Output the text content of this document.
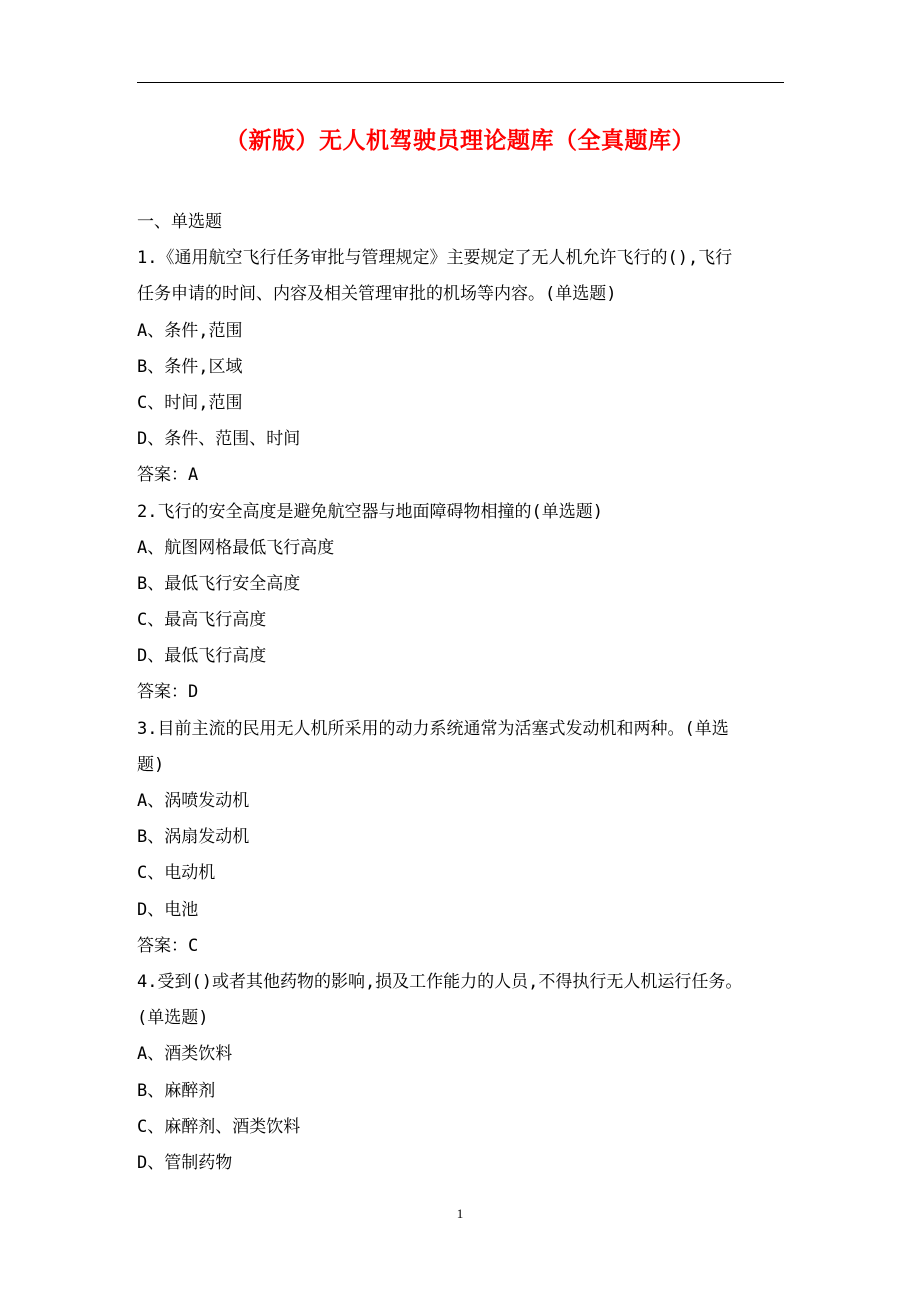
（新版）无人机驾驶员理论题库（全真题库）
一、单选题
1.《通用航空飞行任务审批与管理规定》主要规定了无人机允许飞行的(),飞行
任务申请的时间、内容及相关管理审批的机场等内容。(单选题)
A、条件,范围
B、条件,区域
C、时间,范围
D、条件、范围、时间
答案：A
2.飞行的安全高度是避免航空器与地面障碍物相撞的(单选题)
A、航图网格最低飞行高度
B、最低飞行安全高度
C、最高飞行高度
D、最低飞行高度
答案：D
3.目前主流的民用无人机所采用的动力系统通常为活塞式发动机和两种。(单选
题)
A、涡喷发动机
B、涡扇发动机
C、电动机
D、电池
答案：C
4.受到()或者其他药物的影响,损及工作能力的人员,不得执行无人机运行任务。
(单选题)
A、酒类饮料
B、麻醉剂
C、麻醉剂、酒类饮料
D、管制药物
1
